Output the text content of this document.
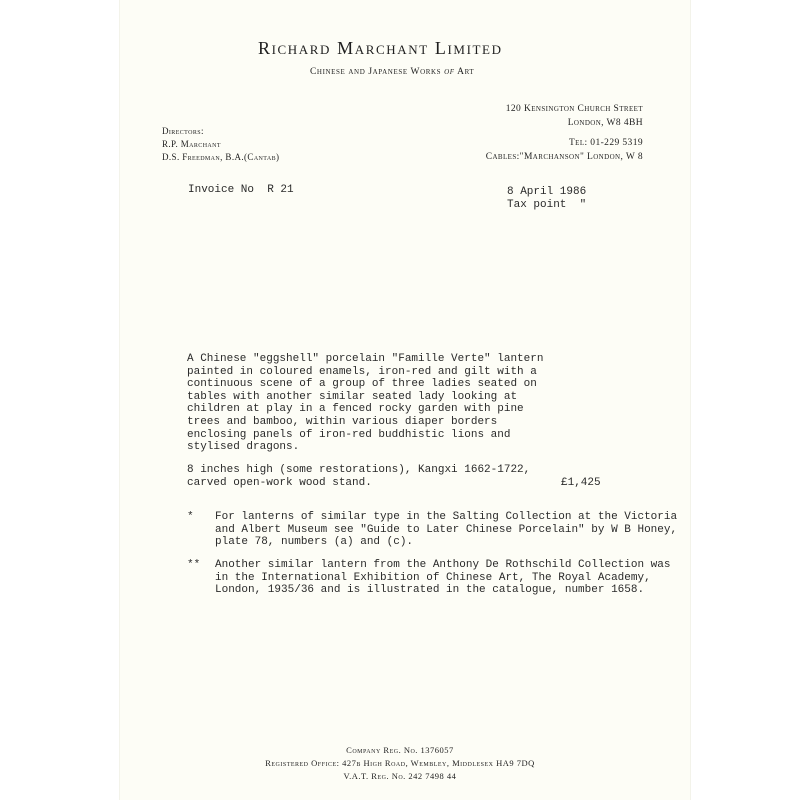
Richard Marchant Limited
Chinese and Japanese Works of Art
120 Kensington Church Street
London, W8 4BH
Tel: 01-229 5319
Cables:"Marchanson" London, W 8
Directors:
R.P. Marchant
D.S. Freedman, B.A.(Cantab)
Invoice No  R 21	8 April 1986
Tax point  "
A Chinese "eggshell" porcelain "Famille Verte" lantern
painted in coloured enamels, iron-red and gilt with
continuous scene of a group of three ladies seated
tables with another similar seated lady looking at
children at play in a fenced rocky garden with pine
trees and bamboo, within various diaper borders
enclosing panels of iron-red buddhistic lions and
stylised dragons.
8 inches high (some restorations), Kangxi 1662-1722,
carved open-work wood stand.	£1,425
* For lanterns of similar type in the Salting Collection at the Victoria
and Albert Museum see "Guide to Later Chinese Porcelain" by W B Honey,
plate 78, numbers (a) and (c).
** Another similar lantern from the Anthony De Rothschild Collection was
in the International Exhibition of Chinese Art, The Royal Academy,
London, 1935/36 and is illustrated in the catalogue, number 1658.
Company Reg. No. 1376057
Registered Office: 427b High Road, Wembley, Middlesex HA9 7DQ
V.A.T. Reg. No. 242 7498 44
